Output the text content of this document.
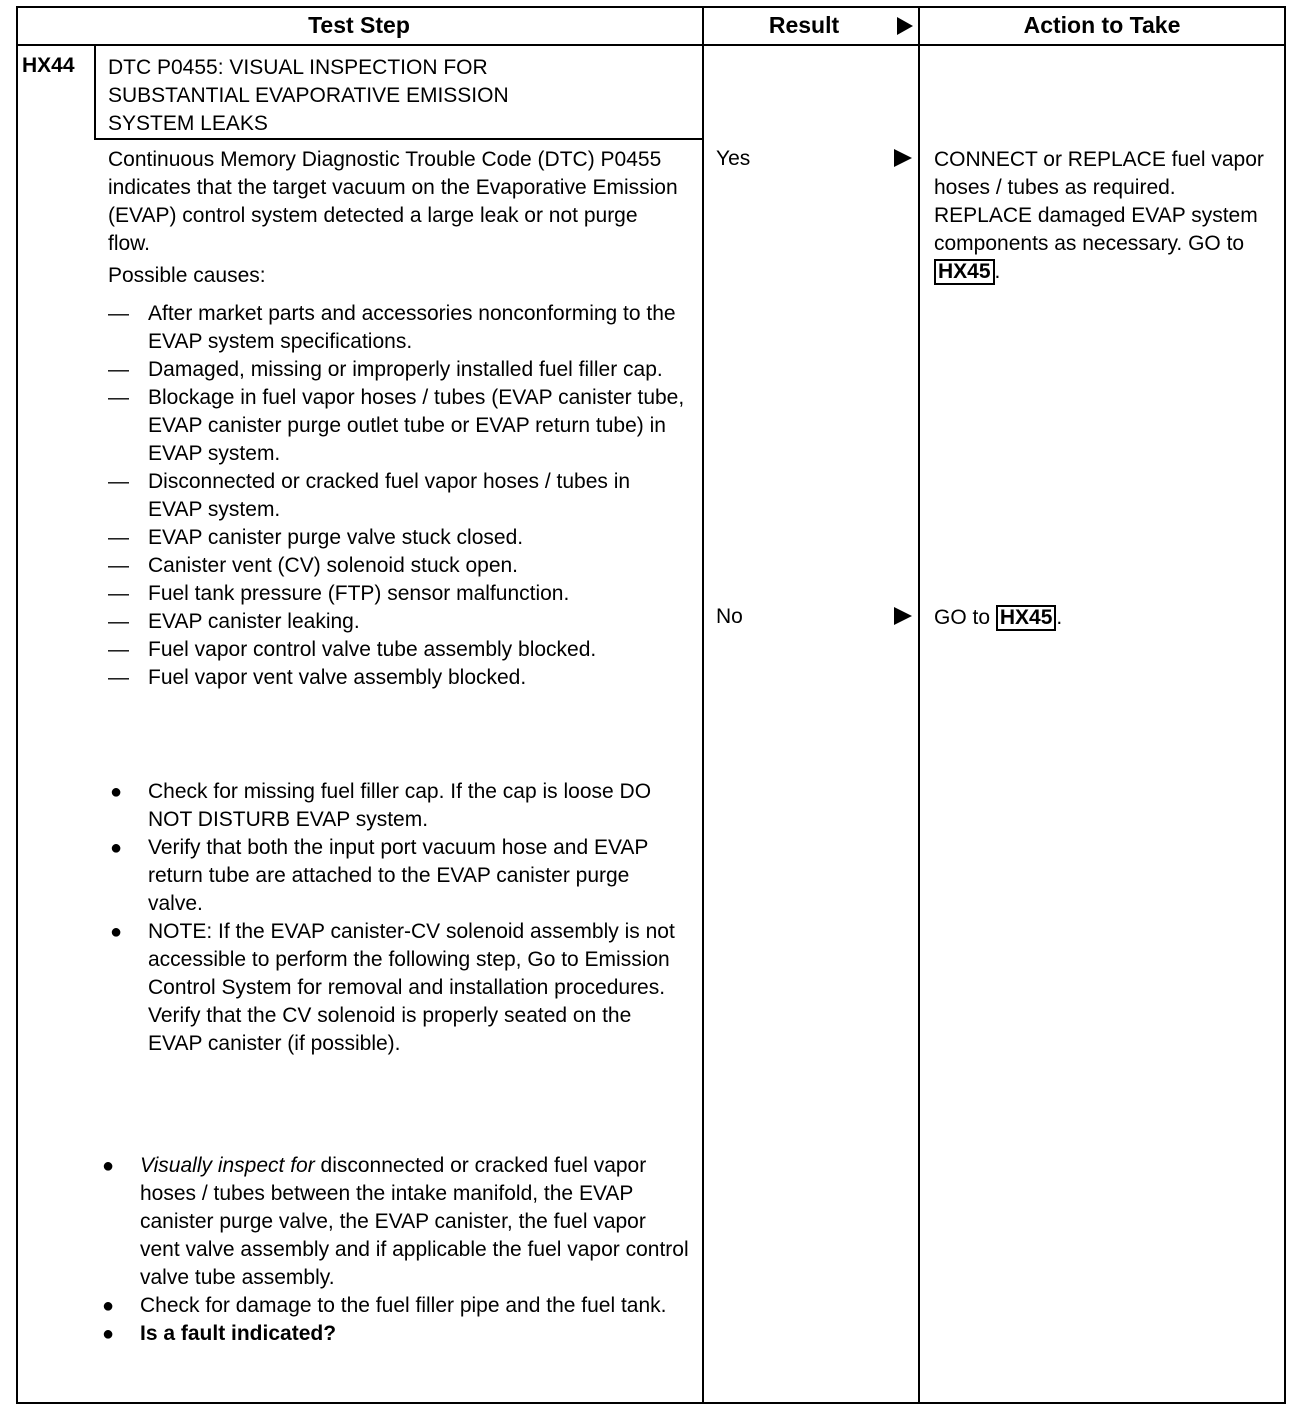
Test Step	Result	Action to Take
HX44 DTC P0455: VISUAL INSPECTION FOR
SUBSTANTIAL EVAPORATIVE EMISSION
SYSTEM LEAKS
Continuous Memory Diagnostic Trouble Code (DTC) P0455 indicates that the target vacuum on the Evaporative Emission (EVAP) control system detected a large leak or not purge flow.
Possible causes:
— After market parts and accessories nonconforming to the EVAP system specifications.
— Damaged, missing or improperly installed fuel filler cap.
— Blockage in fuel vapor hoses / tubes (EVAP canister tube, EVAP canister purge outlet tube or EVAP return tube) in EVAP system.
— Disconnected or cracked fuel vapor hoses / tubes in EVAP system.
— EVAP canister purge valve stuck closed.
— Canister vent (CV) solenoid stuck open.
— Fuel tank pressure (FTP) sensor malfunction.
— EVAP canister leaking.
— Fuel vapor control valve tube assembly blocked.
— Fuel vapor vent valve assembly blocked.
●	Check for missing fuel filler cap. If the cap is loose DO NOT DISTURB EVAP system.
●	Verify that both the input port vacuum hose and EVAP return tube are attached to the EVAP canister purge valve.
●	NOTE: If the EVAP canister-CV solenoid assembly is not accessible to perform the following step, Go to Emission Control System for removal and installation procedures.
Verify that the CV solenoid is properly seated on the EVAP canister (if possible).
●	Visually inspect for disconnected or cracked fuel vapor hoses / tubes between the intake manifold, the EVAP canister purge valve, the EVAP canister, the fuel vapor vent valve assembly and if applicable the fuel vapor control valve tube assembly.
●	Check for damage to the fuel filler pipe and the fuel tank.
●	Is a fault indicated?
Yes	CONNECT or REPLACE fuel vapor hoses / tubes as required. REPLACE damaged EVAP system components as necessary. GO to HX45 .
No	GO to HX45 .
